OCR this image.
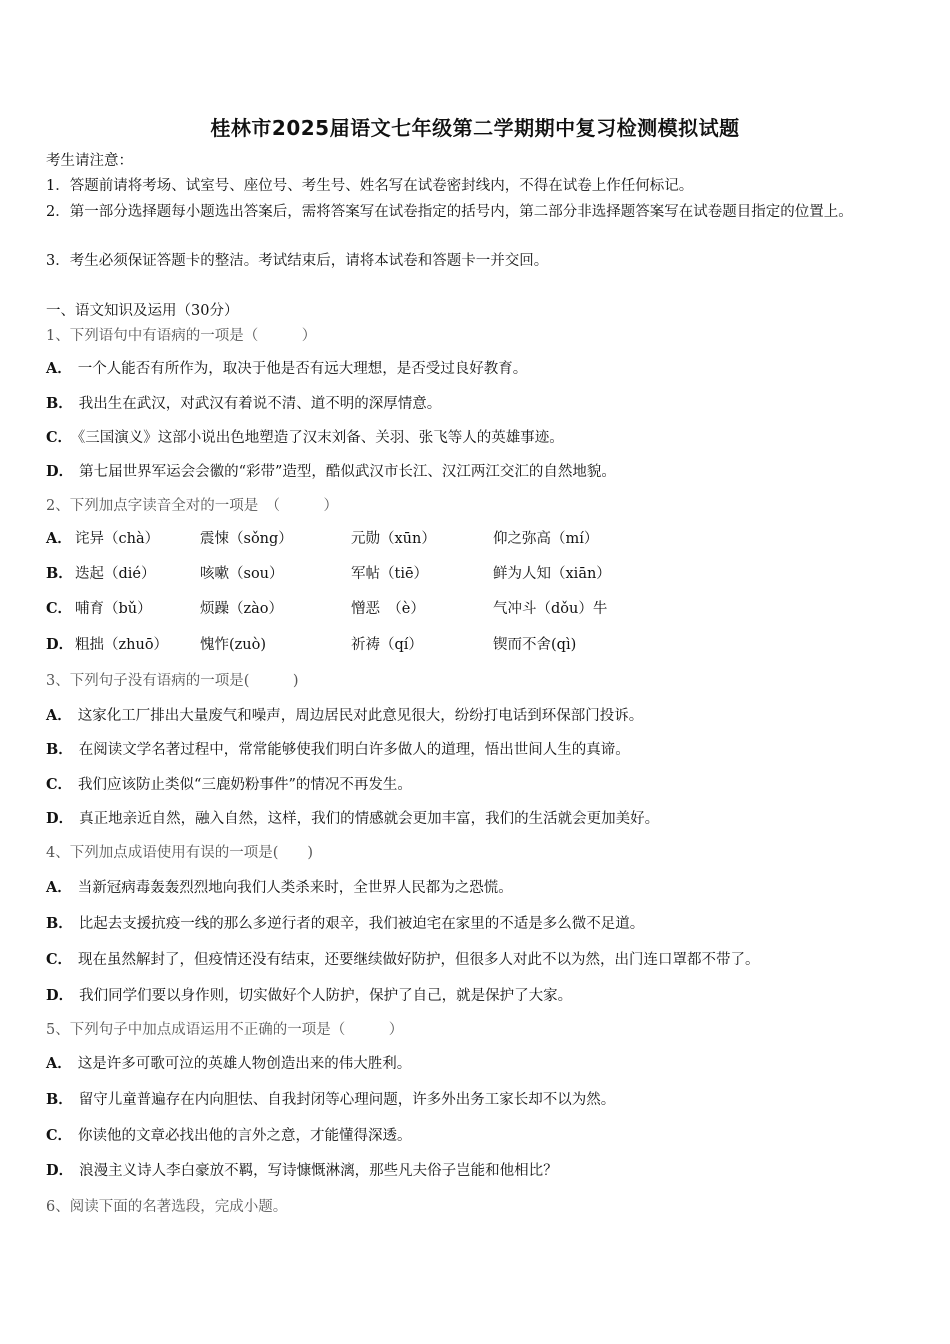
桂林市2025届语文七年级第二学期期中复习检测模拟试题
考生请注意：
1．答题前请将考场、试室号、座位号、考生号、姓名写在试卷密封线内，不得在试卷上作任何标记。
2．第一部分选择题每小题选出答案后，需将答案写在试卷指定的括号内，第二部分非选择题答案写在试卷题目指定的位置上。
3．考生必须保证答题卡的整洁。考试结束后，请将本试卷和答题卡一并交回。
一、语文知识及运用（30分）
1、下列语句中有语病的一项是（　　　）
A． 一个人能否有所作为，取决于他是否有远大理想，是否受过良好教育。
B． 我出生在武汉，对武汉有着说不清、道不明的深厚情意。
C． 《三国演义》这部小说出色地塑造了汉末刘备、关羽、张飞等人的英雄事迹。
D． 第七届世界军运会会徽的“彩带”造型，酷似武汉市长江、汉江两江交汇的自然地貌。
2、下列加点字读音全对的一项是　（　　　）
A． 诧异（chà）	震悚（sǒng）	元勋（xūn）	仰之弥高（mí）
B． 迭起（dié）	咳嗽（sou）	军帖（tiē）	鲜为人知（xiān）
C． 哺育（bǔ）	烦躁（zào）	憎恶　（è）	气冲斗（dǒu）牛
D． 粗拙（zhuō） 愧怍(zuò)	祈祷（qí）	锲而不舍(qì)
3、下列句子没有语病的一项是(　　　)
A． 这家化工厂排出大量废气和噪声，周边居民对此意见很大，纷纷打电话到环保部门投诉。
B． 在阅读文学名著过程中，常常能够使我们明白许多做人的道理，悟出世间人生的真谛。
C． 我们应该防止类似“三鹿奶粉事件”的情况不再发生。
D． 真正地亲近自然，融入自然，这样，我们的情感就会更加丰富，我们的生活就会更加美好。
4、下列加点成语使用有误的一项是(　　)
A． 当新冠病毒轰轰烈烈地向我们人类杀来时，全世界人民都为之恐慌。
B． 比起去支援抗疫一线的那么多逆行者的艰辛，我们被迫宅在家里的不适是多么微不足道。
C． 现在虽然解封了，但疫情还没有结束，还要继续做好防护，但很多人对此不以为然，出门连口罩都不带了。
D． 我们同学们要以身作则，切实做好个人防护，保护了自己，就是保护了大家。
5、下列句子中加点成语运用不正确的一项是（　　　）
A． 这是许多可歌可泣的英雄人物创造出来的伟大胜利。
B． 留守儿童普遍存在内向胆怯、自我封闭等心理问题，许多外出务工家长却不以为然。
C． 你读他的文章必找出他的言外之意，才能懂得深透。
D． 浪漫主义诗人李白豪放不羁，写诗慷慨淋漓，那些凡夫俗子岂能和他相比？
6、阅读下面的名著选段，完成小题。
